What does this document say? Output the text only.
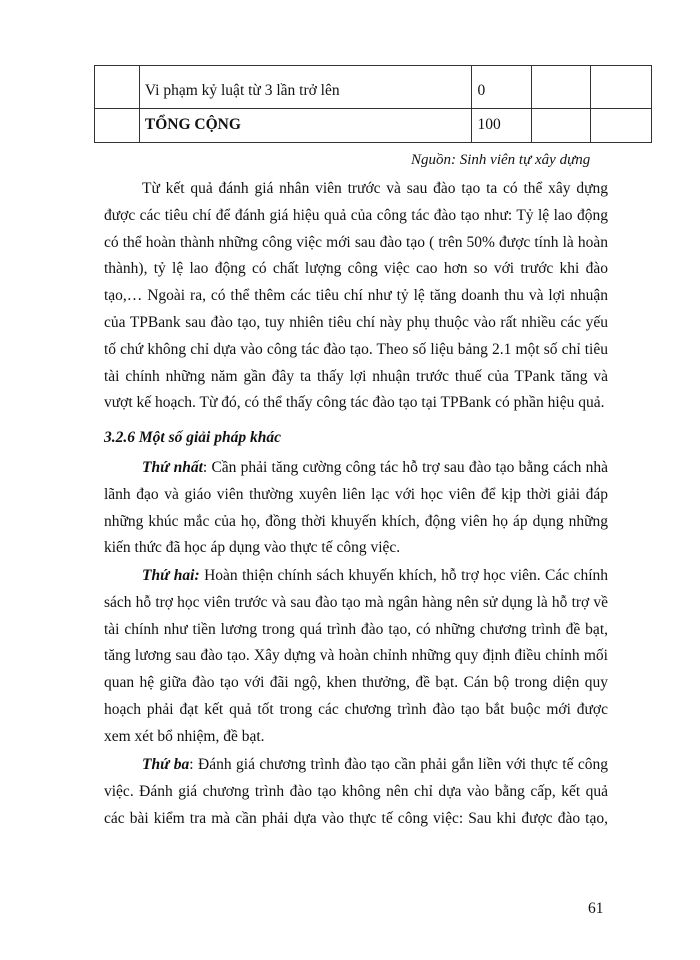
	Vi phạm kỷ luật từ 3 lần trở lên	0		
	TỔNG CỘNG	100		
Nguồn: Sinh viên tự xây dựng

Từ kết quả đánh giá nhân viên trước và sau đào tạo ta có thể xây dựng
được các tiêu chí để đánh giá hiệu quả của công tác đào tạo như: Tỷ lệ lao động
có thể hoàn thành những công việc mới sau đào tạo ( trên 50% được tính là hoàn
thành), tỷ lệ lao động có chất lượng công việc cao hơn so với trước khi đào
tạo,… Ngoài ra, có thể thêm các tiêu chí như tỷ lệ tăng doanh thu và lợi nhuận
của TPBank sau đào tạo, tuy nhiên tiêu chí này phụ thuộc vào rất nhiều các yếu
tố chứ không chỉ dựa vào công tác đào tạo. Theo số liệu bảng 2.1 một số chỉ tiêu
tài chính những năm gần đây ta thấy lợi nhuận trước thuế của TPank tăng và
vượt kế hoạch. Từ đó, có thể thấy công tác đào tạo tại TPBank có phần hiệu quả.

3.2.6 Một số giải pháp khác

Thứ nhất: Cần phải tăng cường công tác hỗ trợ sau đào tạo bằng cách nhà
lãnh đạo và giáo viên thường xuyên liên lạc với học viên để kịp thời giải đáp
những khúc mắc của họ, đồng thời khuyến khích, động viên họ áp dụng những
kiến thức đã học áp dụng vào thực tế công việc.

Thứ hai: Hoàn thiện chính sách khuyến khích, hỗ trợ học viên. Các chính
sách hỗ trợ học viên trước và sau đào tạo mà ngân hàng nên sử dụng là hỗ trợ về
tài chính như tiền lương trong quá trình đào tạo, có những chương trình đề bạt,
tăng lương sau đào tạo. Xây dựng và hoàn chỉnh những quy định điều chỉnh mối
quan hệ giữa đào tạo với đãi ngộ, khen thưởng, đề bạt. Cán bộ trong diện quy
hoạch phải đạt kết quả tốt trong các chương trình đào tạo bắt buộc mới được
xem xét bổ nhiệm, đề bạt.

Thứ ba: Đánh giá chương trình đào tạo cần phải gắn liền với thực tế công
việc. Đánh giá chương trình đào tạo không nên chỉ dựa vào bằng cấp, kết quả
các bài kiểm tra mà cần phải dựa vào thực tế công việc: Sau khi được đào tạo,

61
